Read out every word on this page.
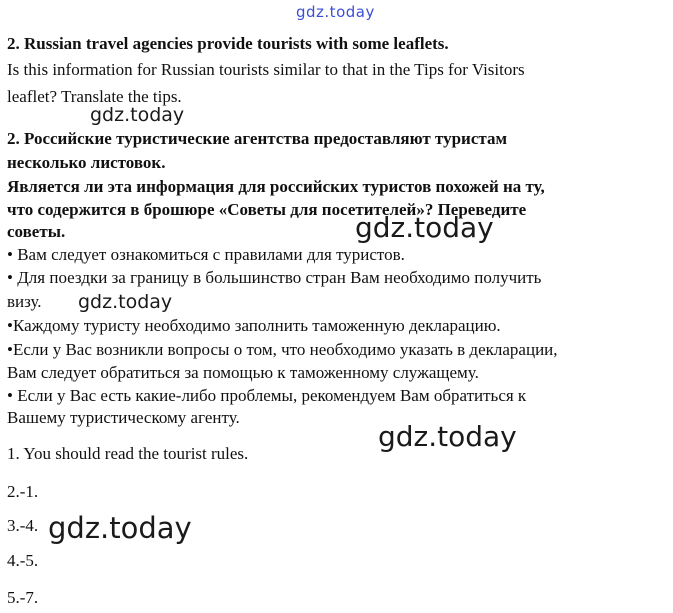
gdz.today
2. Russian travel agencies provide tourists with some leaflets.
Is this information for Russian tourists similar to that in the Tips for Visitors
leaflet? Translate the tips.
gdz.today
2. Российские туристические агентства предоставляют туристам
несколько листовок.
Является ли эта информация для российских туристов похожей на ту,
что содержится в брошюре «Советы для посетителей»? Переведите
советы.	gdz.today
• Вам следует ознакомиться с правилами для туристов.
• Для поездки за границу в большинство стран Вам необходимо получить
визу. gdz.today
•Каждому туристу необходимо заполнить таможенную декларацию.
•Если у Вас возникли вопросы о том, что необходимо указать в декларации,
Вам следует обратиться за помощью к таможенному служащему.
• Если у Вас есть какие-либо проблемы, рекомендуем Вам обратиться к
Вашему туристическому агенту.
gdz.today
1. You should read the tourist rules.
2.-1.
3.-4. gdz.today
4.-5.
5.-7.
